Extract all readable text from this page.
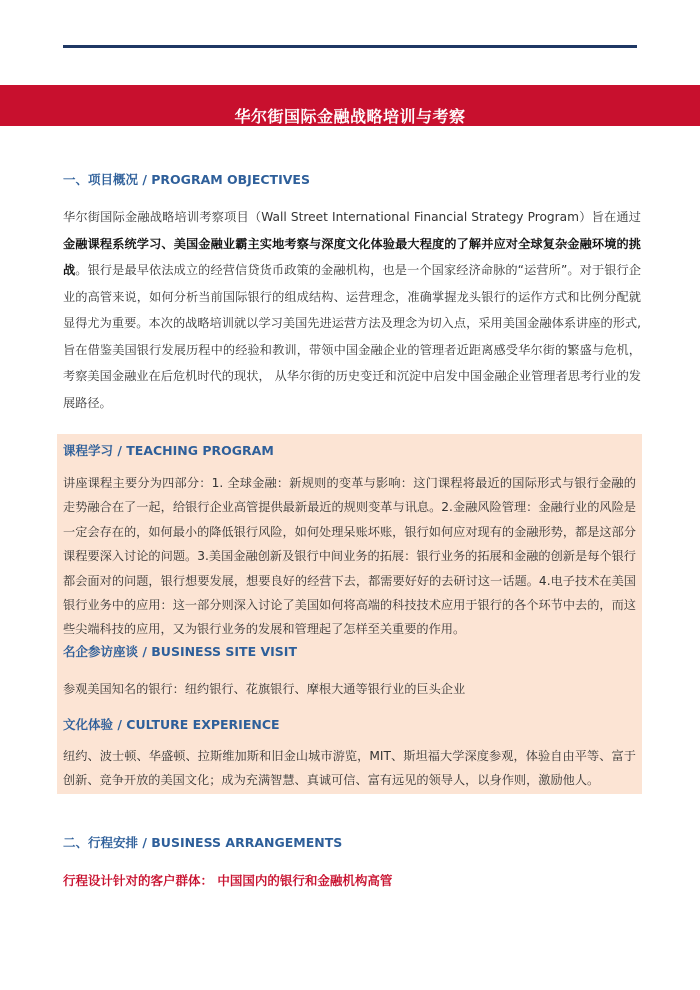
华尔街国际金融战略培训与考察
一、项目概况 / PROGRAM OBJECTIVES

华尔街国际金融战略培训考察项目（Wall Street International Financial Strategy Program）旨在通过金融课程系统学习、美国金融业霸主实地考察与深度文化体验最大程度的了解并应对全球复杂金融环境的挑战。银行是最早依法成立的经营信贷货币政策的金融机构，也是一个国家经济命脉的“运营所”。对于银行企业的高管来说，如何分析当前国际银行的组成结构、运营理念，准确掌握龙头银行的运作方式和比例分配就显得尤为重要。本次的战略培训就以学习美国先进运营方法及理念为切入点，采用美国金融体系讲座的形式, 旨在借鉴美国银行发展历程中的经验和教训，带领中国金融企业的管理者近距离感受华尔街的繁盛与危机，考察美国金融业在后危机时代的现状， 从华尔街的历史变迁和沉淀中启发中国金融企业管理者思考行业的发展路径。

课程学习 / TEACHING PROGRAM

讲座课程主要分为四部分：1. 全球金融：新规则的变革与影响：这门课程将最近的国际形式与银行金融的走势融合在了一起，给银行企业高管提供最新最近的规则变革与讯息。2.金融风险管理：金融行业的风险是一定会存在的，如何最小的降低银行风险，如何处理呆账坏账，银行如何应对现有的金融形势，都是这部分课程要深入讨论的问题。3.美国金融创新及银行中间业务的拓展：银行业务的拓展和金融的创新是每个银行都会面对的问题，银行想要发展，想要良好的经营下去，都需要好好的去研讨这一话题。4.电子技术在美国银行业务中的应用：这一部分则深入讨论了美国如何将高端的科技技术应用于银行的各个环节中去的，而这些尖端科技的应用，又为银行业务的发展和管理起了怎样至关重要的作用。

名企参访座谈 / BUSINESS SITE VISIT

参观美国知名的银行：纽约银行、花旗银行、摩根大通等银行业的巨头企业

文化体验 / CULTURE EXPERIENCE

纽约、波士顿、华盛顿、拉斯维加斯和旧金山城市游览，MIT、斯坦福大学深度参观，体验自由平等、富于创新、竞争开放的美国文化；成为充满智慧、真诚可信、富有远见的领导人，以身作则，激励他人。

二、行程安排 / BUSINESS ARRANGEMENTS

行程设计针对的客户群体： 中国国内的银行和金融机构高管
